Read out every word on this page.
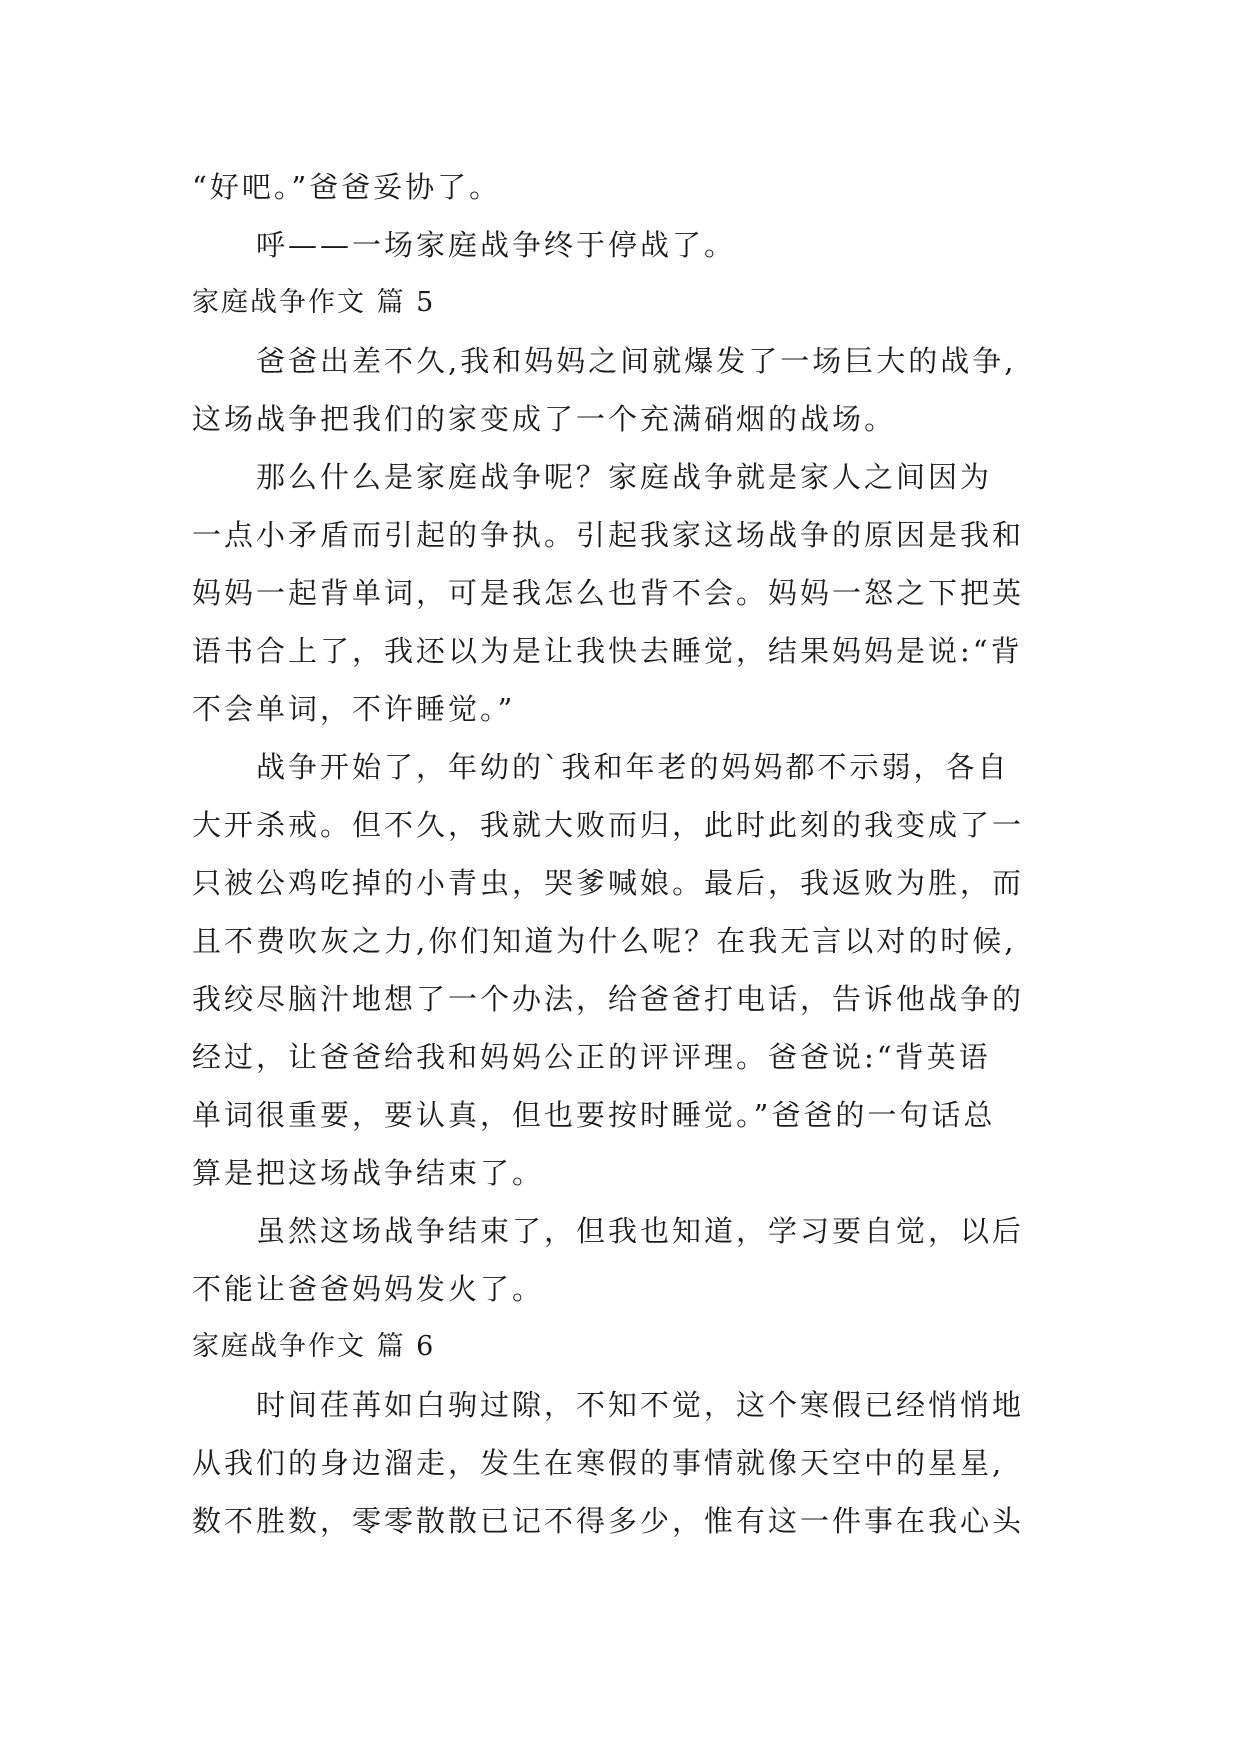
“好吧。”爸爸妥协了。
呼——一场家庭战争终于停战了。
家庭战争作文 篇 5
爸爸出差不久,我和妈妈之间就爆发了一场巨大的战争,
这场战争把我们的家变成了一个充满硝烟的战场。
那么什么是家庭战争呢？家庭战争就是家人之间因为
一点小矛盾而引起的争执。引起我家这场战争的原因是我和
妈妈一起背单词，可是我怎么也背不会。妈妈一怒之下把英
语书合上了，我还以为是让我快去睡觉，结果妈妈是说:“背
不会单词，不许睡觉。”
战争开始了，年幼的`我和年老的妈妈都不示弱，各自
大开杀戒。但不久，我就大败而归，此时此刻的我变成了一
只被公鸡吃掉的小青虫，哭爹喊娘。最后，我返败为胜，而
且不费吹灰之力,你们知道为什么呢？在我无言以对的时候,
我绞尽脑汁地想了一个办法，给爸爸打电话，告诉他战争的
经过，让爸爸给我和妈妈公正的评评理。爸爸说:“背英语
单词很重要，要认真，但也要按时睡觉。”爸爸的一句话总
算是把这场战争结束了。
虽然这场战争结束了，但我也知道，学习要自觉，以后
不能让爸爸妈妈发火了。
家庭战争作文 篇 6
时间荏苒如白驹过隙，不知不觉，这个寒假已经悄悄地
从我们的身边溜走，发生在寒假的事情就像天空中的星星,
数不胜数，零零散散已记不得多少，惟有这一件事在我心头
